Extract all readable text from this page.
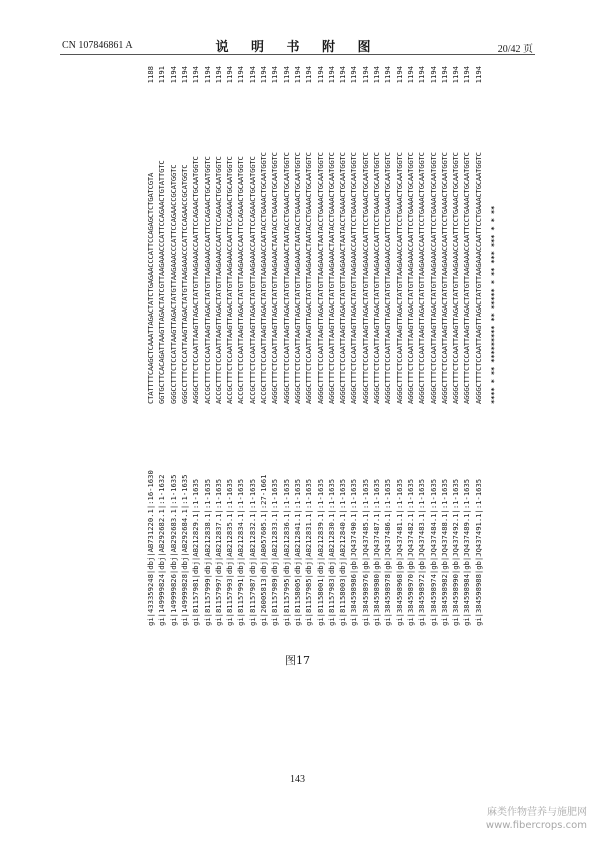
CN 107846861 A	说 明 书 附 图	20/42 页
gi|433359248|dbj|AB731220.1|:16-1630
CTATTTTCAAGCTCAAATTAGACTATCTGAGAACCCATTCCAGAGCTCTGATCGTA
1188
gi|149999824|dbj|AB292682.1|:1-1632
GGTGCTTCACAGATTAAGTTAGACTATCGTTAAGAAACCCATTCCAGAACTGTATTGTC
1191
gi|149999826|dbj|AB292683.1|:1-1635
GGGCCTTTCTCCATTAAGTTAGACTATGTTAAGAAACCCATTCCAGAACCGCATGGTC
1194
gi|149999828|dbj|AB292684.1|:1-1635
GGGCCTTTCTCCATTAAGTTAGACTATGTTAAGAAACCCATTCCAGAACCGCATGGTC
1194
gi|81157981|dbj|AB212829.1|:1-1635
AGGGCTTTCTCCAATTAAGTTAGACTATGTTAAGAAACCAATTCCAGAACTGCAATGGTC
1194
gi|81157999|dbj|AB212838.1|:1-1635
ACCGCTTTCTCCAATTAAGTTAGACTATGTTAAGAAACCAATTCCAGAACTGCAATGGTC
1194
gi|81157997|dbj|AB212837.1|:1-1635
ACCGCTTTCTCCAATTAAGTTAGACTATGTTAAGAAACCAATTCCAGAACTGCAATGGTC
1194
gi|81157993|dbj|AB212835.1|:1-1635
ACCGCTTTCTCCAATTAAGTTAGACTATGTTAAGAAACCAATTCCAGAACTGCAATGGTC
1194
gi|81157991|dbj|AB212834.1|:1-1635
ACCGCTTTCTCCAATTAAGTTAGACTATGTTAAGAAACCAATTCCAGAACTGCAATGGTC
1194
gi|81157987|dbj|AB212832.1|:1-1635
ACCGCTTTCTCCAATTAAGTTAGACTATGTTAAGAAACCAATTCCAGAACTGCAATGGTC
1194
gi|26005813|dbj|AB057605.1|:27-1661
ACCGCTTTCTCCAATTAAGTTAGACTATGTTAAGAAACCAATACCTGAAACTGCAATGGTC
1194
gi|81157989|dbj|AB212833.1|:1-1635
AGGGCTTTCTCCAATTAAGTTAGACTATGTTAAGAAACTAATACCTGAAACTGCAATGGTC
1194
gi|81157995|dbj|AB212836.1|:1-1635
AGGGCTTTCTCCAATTAAGTTAGACTATGTTAAGAAACTAATACCTGAAACTGCAATGGTC
1194
gi|81158005|dbj|AB212841.1|:1-1635
AGGGCTTTCTCCAATTAAGTTAGACTATGTTAAGAAACTAATACCTGAAACTGCAATGGTC
1194
gi|81157985|dbj|AB212831.1|:1-1635
AGGGCTTTCTCCAATTAAGTTAGACTATGTTAAGAAACTAATACCTGAAACTGCAATGGTC
1194
gi|81158001|dbj|AB212839.1|:1-1635
AGGGCTTTCTCCAATTAAGTTAGACTATGTTAAGAAACTAATACCTGAAACTGCAATGGTC
1194
gi|81157983|dbj|AB212830.1|:1-1635
AGGGCTTTCTCCAATTAAGTTAGACTATGTTAAGAAACTAATACCTGAAACTGCAATGGTC
1194
gi|81158003|dbj|AB212840.1|:1-1635
AGGGCTTTCTCCAATTAAGTTAGACTATGTTAAGAAACTAATACCTGAAACTGCAATGGTC
1194
gi|384598986|gb|JQ437490.1|:1-1635
AGGGCTTTCTCCAATTAAGTTAGACTATGTTAAGAAACCAATTCCTGAAACTGCAATGGTC
1194
gi|384598976|gb|JQ437485.1|:1-1635
AGGGCTTTCTCCAATTAAGTTAGACTATGTTAAGAAACCAATTCCTGAAACTGCAATGGTC
1194
gi|384598980|gb|JQ437487.1|:1-1635
AGGGCTTTCTCCAATTAAGTTAGACTATGTTAAGAAACCAATTCCTGAAACTGCAATGGTC
1194
gi|384598978|gb|JQ437486.1|:1-1635
AGGGCTTTCTCCAATTAAGTTAGACTATGTTAAGAAACCAATTCCTGAAACTGCAATGGTC
1194
gi|384598968|gb|JQ437481.1|:1-1635
AGGGCTTTCTCCAATTAAGTTAGACTATGTTAAGAAACCAATTCCTGAAACTGCAATGGTC
1194
gi|384598970|gb|JQ437482.1|:1-1635
AGGGCTTTCTCCAATTAAGTTAGACTATGTTAAGAAACCAATTCCTGAAACTGCAATGGTC
1194
gi|384598972|gb|JQ437483.1|:1-1635
AGGGCTTTCTCCAATTAAGTTAGACTATGTTAAGAAACCAATTCCTGAAACTGCAATGGTC
1194
gi|384598974|gb|JQ437484.1|:1-1635
AGGGCTTTCTCCAATTAAGTTAGACTATGTTAAGAAACCAATTCCTGAAACTGCAATGGTC
1194
gi|384598982|gb|JQ437488.1|:1-1635
AGGGCTTTCTCCAATTAAGTTAGACTATGTTAAGAAACCAATTCCTGAAACTGCAATGGTC
1194
gi|384598990|gb|JQ437492.1|:1-1635
AGGGCTTTCTCCAATTAAGTTAGACTATGTTAAGAAACCAATTCCTGAAACTGCAATGGTC
1194
gi|384598984|gb|JQ437489.1|:1-1635
AGGGCTTTCTCCAATTAAGTTAGACTATGTTAAGAAACCAATTCCTGAAACTGCAATGGTC
1194
gi|384598988|gb|JQ437491.1|:1-1635
AGGGCTTTCTCCAATTAAGTTAGACTATGTTAAGAAACCAATTCCTGAAACTGCAATGGTC
1194
**** * ** ********* ** ***** * ** *** *** * * **
图17
143
麻类作物营养与施肥网
www.fibercrops.com
